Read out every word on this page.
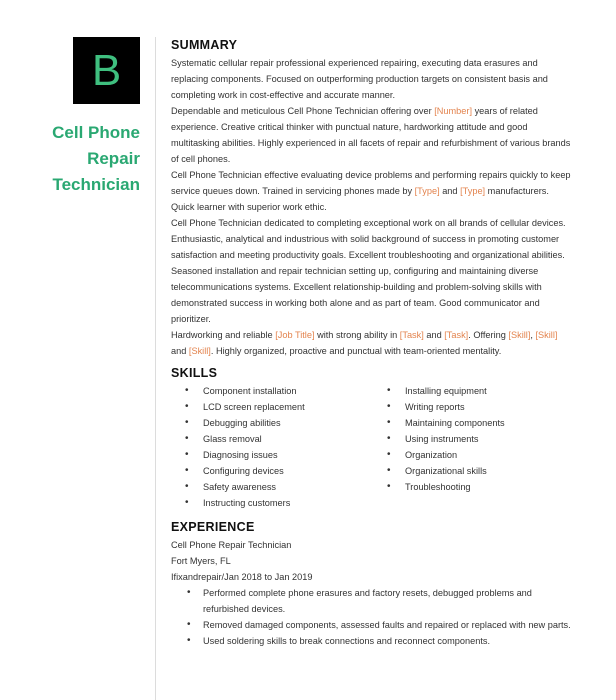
B
Cell Phone
Repair
Technician
SUMMARY

Systematic cellular repair professional experienced repairing, executing data erasures and replacing components. Focused on outperforming production targets on consistent basis and completing work in cost-effective and accurate manner.

Dependable and meticulous Cell Phone Technician offering over [Number] years of related experience. Creative critical thinker with punctual nature, hardworking attitude and good multitasking abilities. Highly experienced in all facets of repair and refurbishment of various brands of cell phones.

Cell Phone Technician effective evaluating device problems and performing repairs quickly to keep service queues down. Trained in servicing phones made by [Type] and [Type] manufacturers. Quick learner with superior work ethic.

Cell Phone Technician dedicated to completing exceptional work on all brands of cellular devices. Enthusiastic, analytical and industrious with solid background of success in promoting customer satisfaction and meeting productivity goals. Excellent troubleshooting and organizational abilities.

Seasoned installation and repair technician setting up, configuring and maintaining diverse telecommunications systems. Excellent relationship-building and problem-solving skills with demonstrated success in working both alone and as part of team. Good communicator and prioritizer.

Hardworking and reliable [Job Title] with strong ability in [Task] and [Task]. Offering [Skill], [Skill] and [Skill]. Highly organized, proactive and punctual with team-oriented mentality.

SKILLS
• Component installation
• LCD screen replacement
• Debugging abilities
• Glass removal
• Diagnosing issues
• Configuring devices
• Safety awareness
• Instructing customers
• Installing equipment
• Writing reports
• Maintaining components
• Using instruments
• Organization
• Organizational skills
• Troubleshooting
EXPERIENCE
Cell Phone Repair Technician
Fort Myers, FL
Ifixandrepair/Jan 2018 to Jan 2019
• Performed complete phone erasures and factory resets, debugged problems and refurbished devices.
• Removed damaged components, assessed faults and repaired or replaced with new parts.
• Used soldering skills to break connections and reconnect components.
